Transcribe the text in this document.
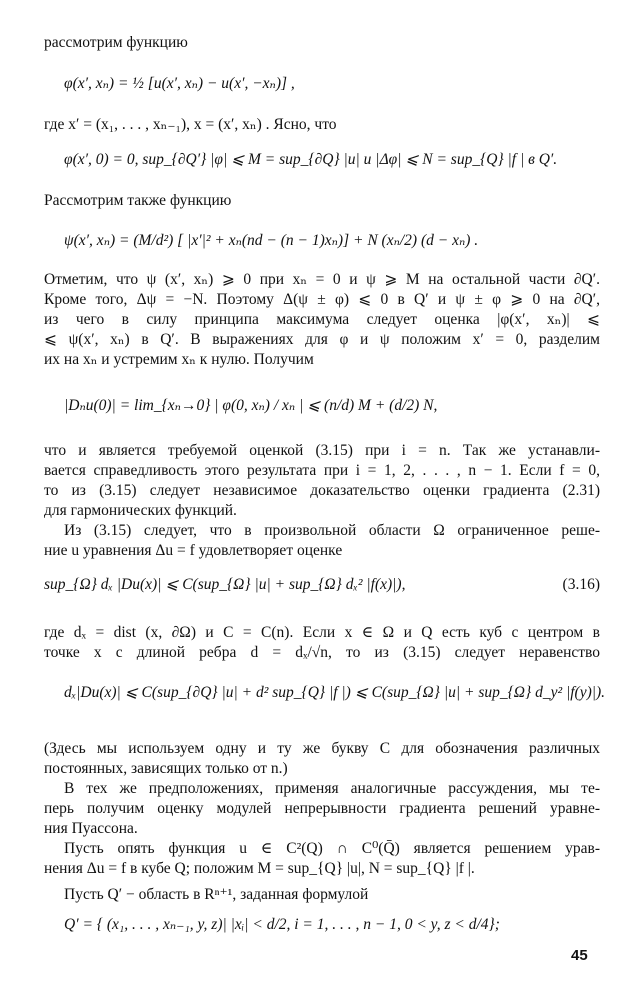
рассмотрим функцию
φ(x′, xₙ) = ½ [u(x′, xₙ) − u(x′, −xₙ)] ,
где x′ = (x₁, . . . , xₙ₋₁), x = (x′, xₙ) . Ясно, что
φ(x′, 0) = 0, sup_{∂Q′} |φ| ⩽ M = sup_{∂Q} |u| и |Δφ| ⩽ N = sup_{Q} |f | в Q′.
Рассмотрим также функцию
ψ(x′, xₙ) = (M/d²) [ |x′|² + xₙ(nd − (n − 1)xₙ)] + N (xₙ/2) (d − xₙ) .
Отметим, что ψ (x′, xₙ) ⩾ 0 при xₙ = 0 и ψ ⩾ M на остальной части ∂Q′.
Кроме того, Δψ = −N. Поэтому Δ(ψ ± φ) ⩽ 0 в Q′ и ψ ± φ ⩾ 0 на ∂Q′,
из чего в силу принципа максимума следует оценка |φ(x′, xₙ)| ⩽
⩽ ψ(x′, xₙ) в Q′. В выражениях для φ и ψ положим x′ = 0, разделим
их на xₙ и устремим xₙ к нулю. Получим
|Dₙu(0)| = lim_{xₙ→0} | φ(0, xₙ) / xₙ | ⩽ (n/d) M + (d/2) N,
что и является требуемой оценкой (3.15) при i = n. Так же устанавли-
вается справедливость этого результата при i = 1, 2, . . . , n − 1. Если f = 0,
то из (3.15) следует независимое доказательство оценки градиента (2.31)
для гармонических функций.
Из (3.15) следует, что в произвольной области Ω ограниченное реше-
ние u уравнения Δu = f удовлетворяет оценке
sup_{Ω} dₓ |Du(x)| ⩽ C(sup_{Ω} |u| + sup_{Ω} dₓ² |f(x)|),	(3.16)
где dₓ = dist (x, ∂Ω) и C = C(n). Если x ∈ Ω и Q есть куб с центром в
точке x с длиной ребра d = dₓ/√n, то из (3.15) следует неравенство
dₓ|Du(x)| ⩽ C(sup_{∂Q} |u| + d² sup_{Q} |f |) ⩽ C(sup_{Ω} |u| + sup_{Ω} d_y² |f(y)|).
(Здесь мы используем одну и ту же букву C для обозначения различных
постоянных, зависящих только от n.)
В тех же предположениях, применяя аналогичные рассуждения, мы те-
перь получим оценку модулей непрерывности градиента решений уравне-
ния Пуассона.
Пусть опять функция u ∈ C²(Q) ∩ C⁰(Q̄) является решением урав-
нения Δu = f в кубе Q; положим M = sup_{Q} |u|, N = sup_{Q} |f |.
Пусть Q′ − область в Rⁿ⁺¹, заданная формулой
Q′ = { (x₁, . . . , xₙ₋₁, y, z)| |xᵢ| < d/2, i = 1, . . . , n − 1, 0 < y, z < d/4};
45
